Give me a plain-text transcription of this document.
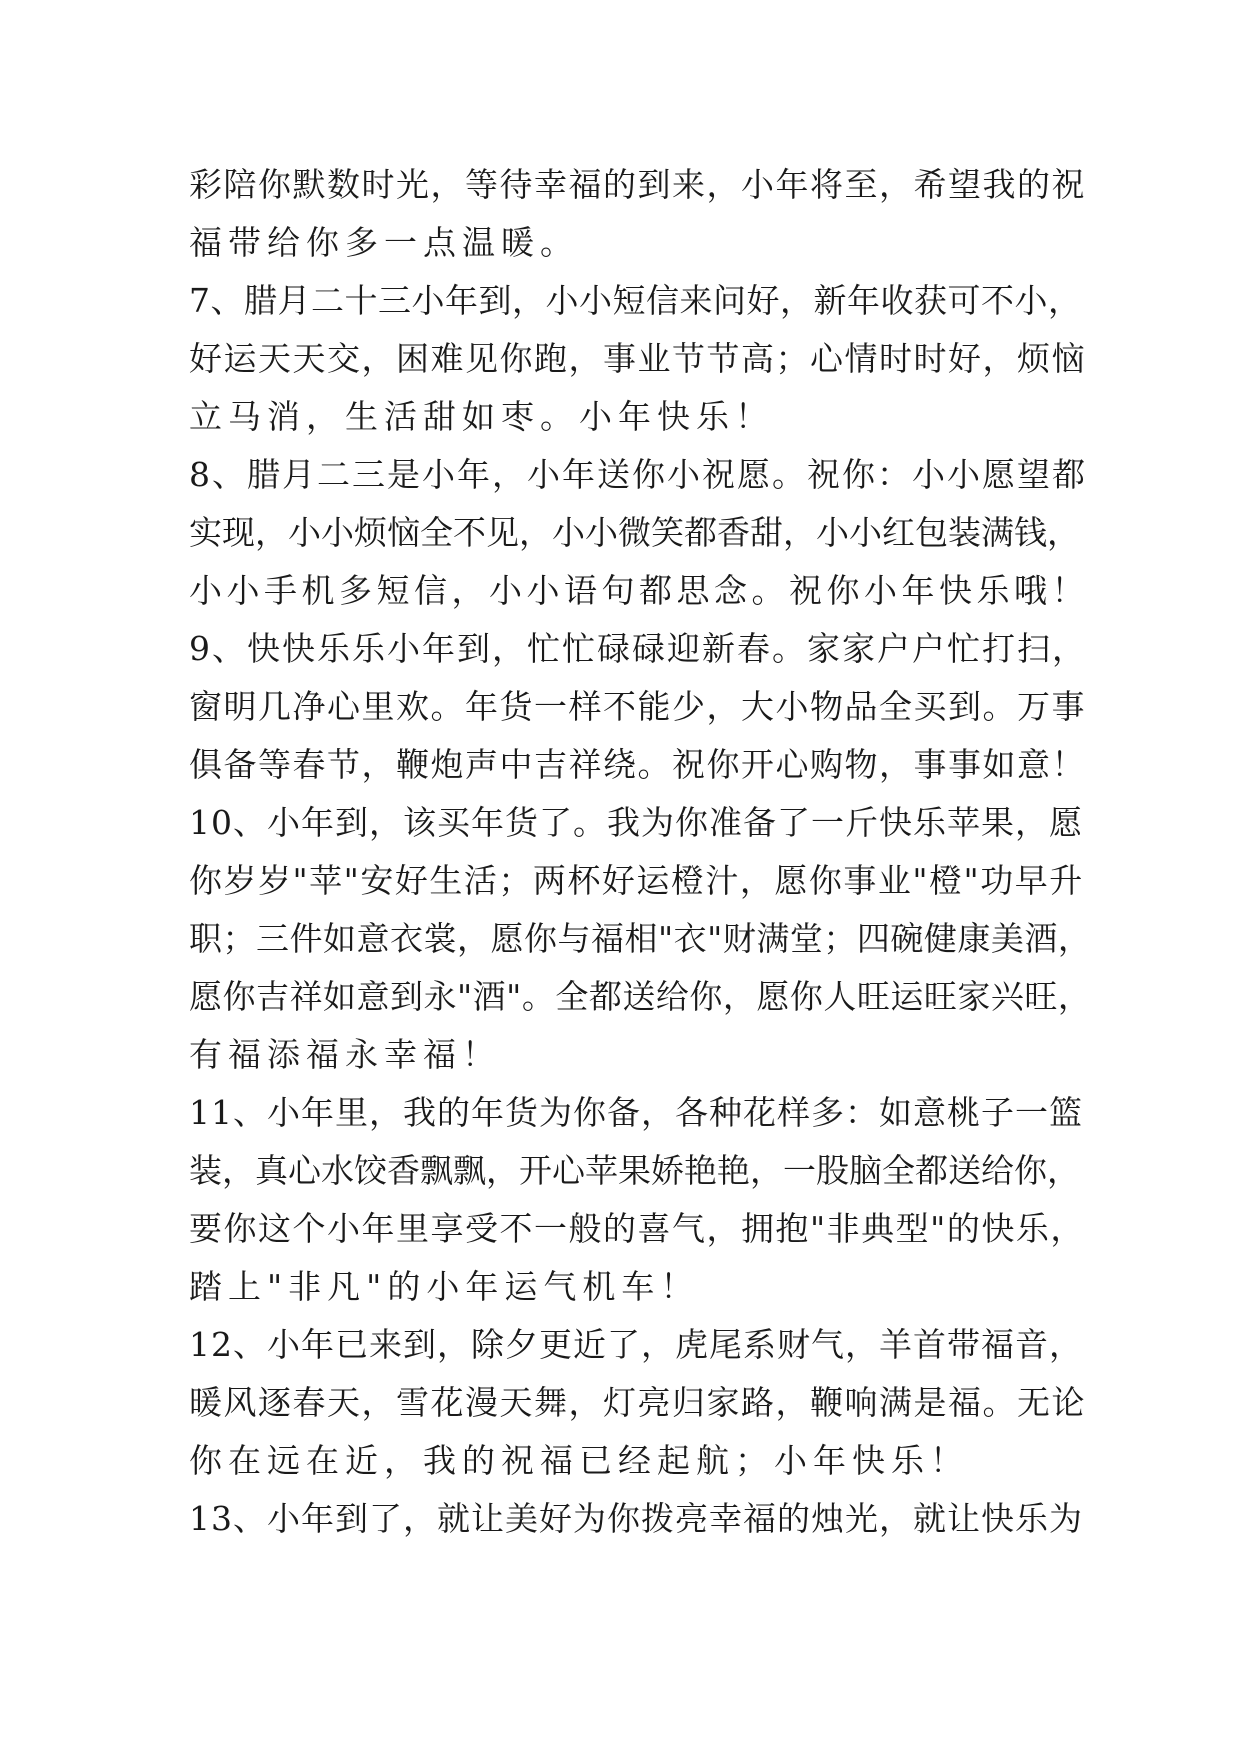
彩陪你默数时光，等待幸福的到来，小年将至，希望我的祝
福带给你多一点温暖。
7、腊月二十三小年到，小小短信来问好，新年收获可不小，
好运天天交，困难见你跑，事业节节高；心情时时好，烦恼
立马消，生活甜如枣。小年快乐！
8、腊月二三是小年，小年送你小祝愿。祝你：小小愿望都
实现，小小烦恼全不见，小小微笑都香甜，小小红包装满钱，
小小手机多短信，小小语句都思念。祝你小年快乐哦！
9、快快乐乐小年到，忙忙碌碌迎新春。家家户户忙打扫，
窗明几净心里欢。年货一样不能少，大小物品全买到。万事
俱备等春节，鞭炮声中吉祥绕。祝你开心购物，事事如意！
10、小年到，该买年货了。我为你准备了一斤快乐苹果，愿
你岁岁"苹"安好生活；两杯好运橙汁，愿你事业"橙"功早升
职；三件如意衣裳，愿你与福相"衣"财满堂；四碗健康美酒，
愿你吉祥如意到永"酒"。全都送给你，愿你人旺运旺家兴旺，
有福添福永幸福！
11、小年里，我的年货为你备，各种花样多：如意桃子一篮
装，真心水饺香飘飘，开心苹果娇艳艳，一股脑全都送给你，
要你这个小年里享受不一般的喜气，拥抱"非典型"的快乐，
踏上"非凡"的小年运气机车！
12、小年已来到，除夕更近了，虎尾系财气，羊首带福音，
暖风逐春天，雪花漫天舞，灯亮归家路，鞭响满是福。无论
你在远在近，我的祝福已经起航；小年快乐！
13、小年到了，就让美好为你拨亮幸福的烛光，就让快乐为
